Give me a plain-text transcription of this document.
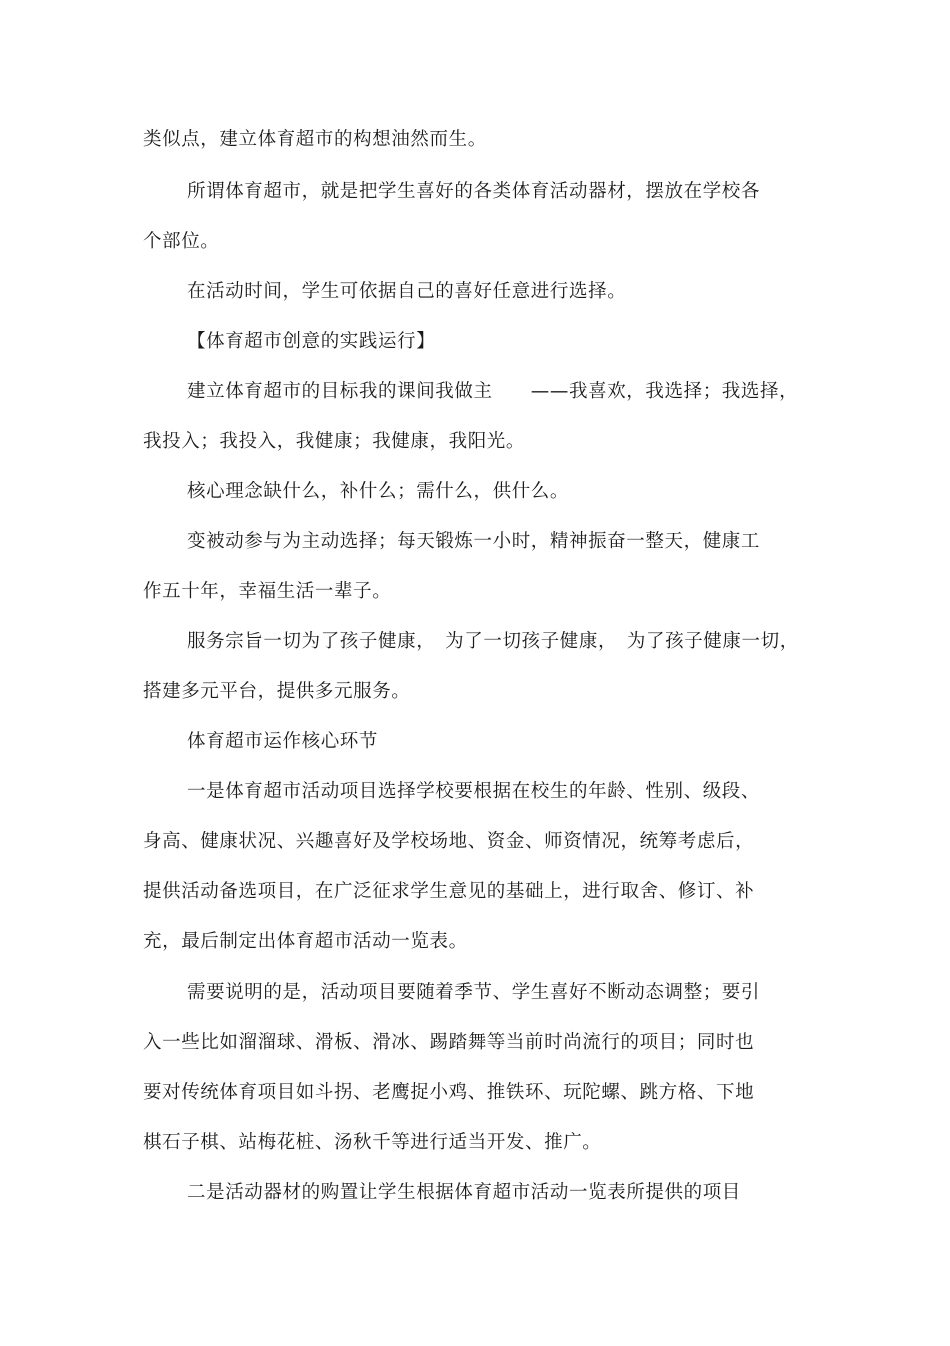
类似点，建立体育超市的构想油然而生。
所谓体育超市，就是把学生喜好的各类体育活动器材，摆放在学校各
个部位。
在活动时间，学生可依据自己的喜好任意进行选择。
【体育超市创意的实践运行】
建立体育超市的目标我的课间我做主　　——我喜欢，我选择；我选择，
我投入；我投入，我健康；我健康，我阳光。
核心理念缺什么，补什么；需什么，供什么。
变被动参与为主动选择；每天锻炼一小时，精神振奋一整天，健康工
作五十年，幸福生活一辈子。
服务宗旨一切为了孩子健康，　为了一切孩子健康，　为了孩子健康一切，
搭建多元平台，提供多元服务。
体育超市运作核心环节
一是体育超市活动项目选择学校要根据在校生的年龄、性别、级段、
身高、健康状况、兴趣喜好及学校场地、资金、师资情况，统筹考虑后，
提供活动备选项目，在广泛征求学生意见的基础上，进行取舍、修订、补
充，最后制定出体育超市活动一览表。
需要说明的是，活动项目要随着季节、学生喜好不断动态调整；要引
入一些比如溜溜球、滑板、滑冰、踢踏舞等当前时尚流行的项目；同时也
要对传统体育项目如斗拐、老鹰捉小鸡、推铁环、玩陀螺、跳方格、下地
棋石子棋、站梅花桩、汤秋千等进行适当开发、推广。
二是活动器材的购置让学生根据体育超市活动一览表所提供的项目
